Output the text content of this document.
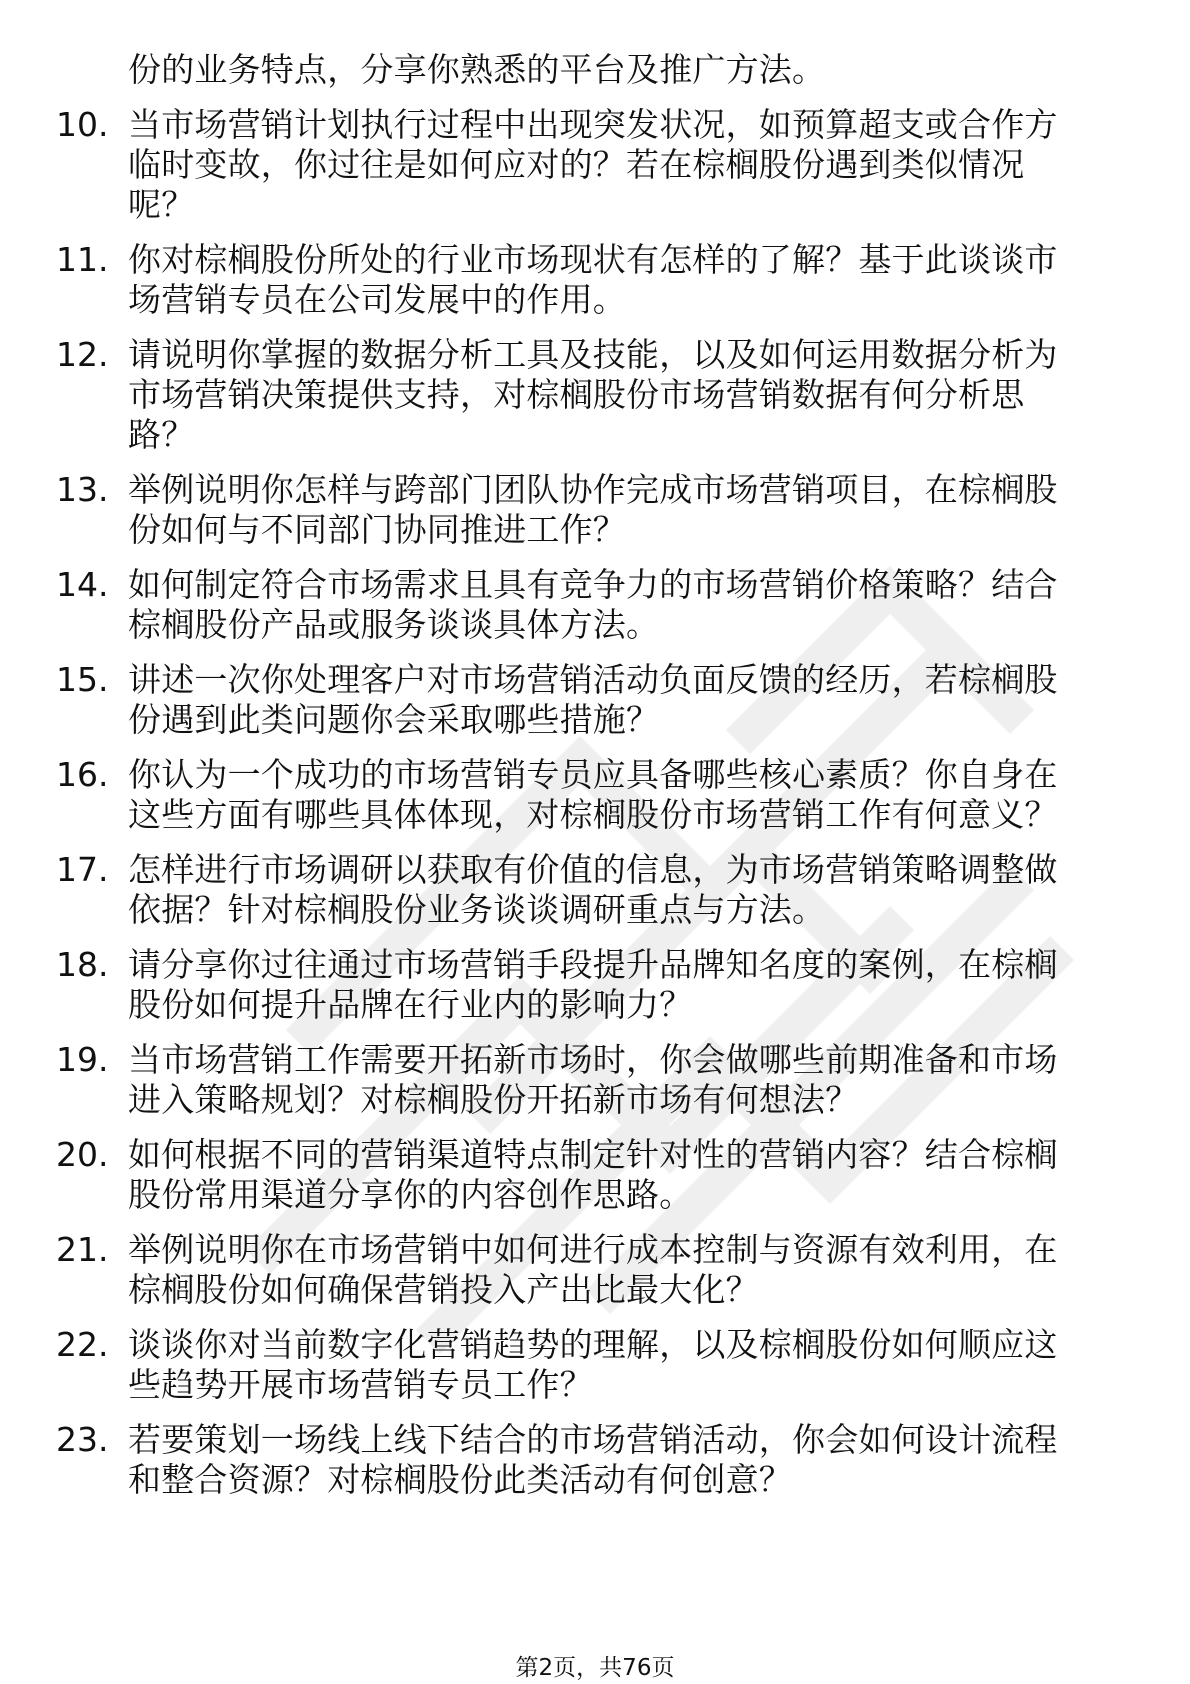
份的业务特点，分享你熟悉的平台及推广方法。
10. 当市场营销计划执行过程中出现突发状况，如预算超支或合作方
临时变故，你过往是如何应对的？若在棕榈股份遇到类似情况
呢？
11. 你对棕榈股份所处的行业市场现状有怎样的了解？基于此谈谈市
场营销专员在公司发展中的作用。
12. 请说明你掌握的数据分析工具及技能，以及如何运用数据分析为
市场营销决策提供支持，对棕榈股份市场营销数据有何分析思
路？
13. 举例说明你怎样与跨部门团队协作完成市场营销项目，在棕榈股
份如何与不同部门协同推进工作？
14. 如何制定符合市场需求且具有竞争力的市场营销价格策略？结合
棕榈股份产品或服务谈谈具体方法。
15. 讲述一次你处理客户对市场营销活动负面反馈的经历，若棕榈股
份遇到此类问题你会采取哪些措施？
16. 你认为一个成功的市场营销专员应具备哪些核心素质？你自身在
这些方面有哪些具体体现，对棕榈股份市场营销工作有何意义？
17. 怎样进行市场调研以获取有价值的信息，为市场营销策略调整做
依据？针对棕榈股份业务谈谈调研重点与方法。
18. 请分享你过往通过市场营销手段提升品牌知名度的案例，在棕榈
股份如何提升品牌在行业内的影响力？
19. 当市场营销工作需要开拓新市场时，你会做哪些前期准备和市场
进入策略规划？对棕榈股份开拓新市场有何想法？
20. 如何根据不同的营销渠道特点制定针对性的营销内容？结合棕榈
股份常用渠道分享你的内容创作思路。
21. 举例说明你在市场营销中如何进行成本控制与资源有效利用，在
棕榈股份如何确保营销投入产出比最大化？
22. 谈谈你对当前数字化营销趋势的理解，以及棕榈股份如何顺应这
些趋势开展市场营销专员工作？
23. 若要策划一场线上线下结合的市场营销活动，你会如何设计流程
和整合资源？对棕榈股份此类活动有何创意？
第2页，共76页
